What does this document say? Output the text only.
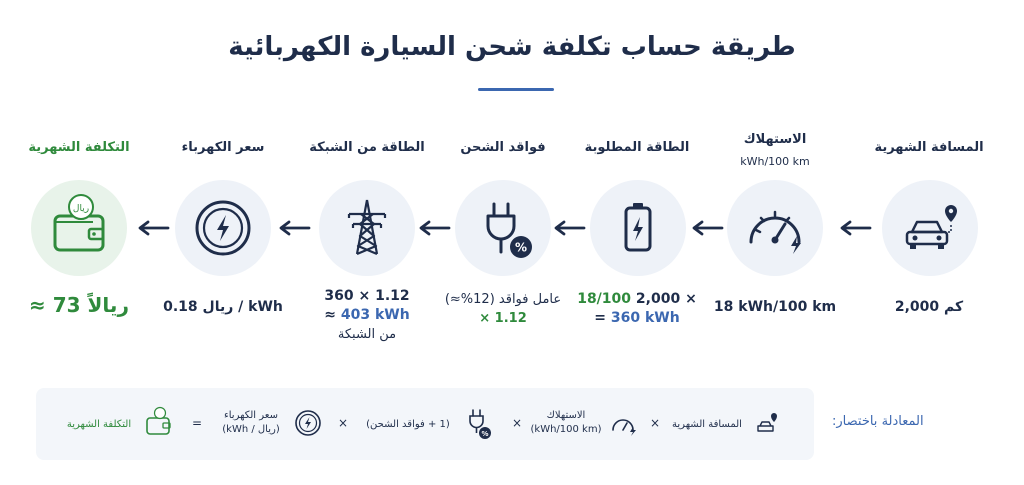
طريقة حساب تكلفة شحن السيارة الكهربائية
المسافة الشهرية
2,000 كم
الاستهلاك
kWh/100 km
18 kWh/100 km
الطاقة المطلوبة
18/100 2,000 ×
= 360 kWh
فواقد الشحن
%
عامل فواقد (12%≈)
× 1.12
الطاقة من الشبكة
360 × 1.12
≈ 403 kWh
من الشبكة
سعر الكهرباء
0.18 ريال / kWh
التكلفة الشهرية
ريال
≈ 73 ريالاً
المعادلة باختصار:
المسافة الشهرية
×
الاستهلاك
(kWh/100 km)
×
%
(1 + فواقد الشحن)
×
سعر الكهرباء
(ريال / kWh)
=
التكلفة الشهرية
